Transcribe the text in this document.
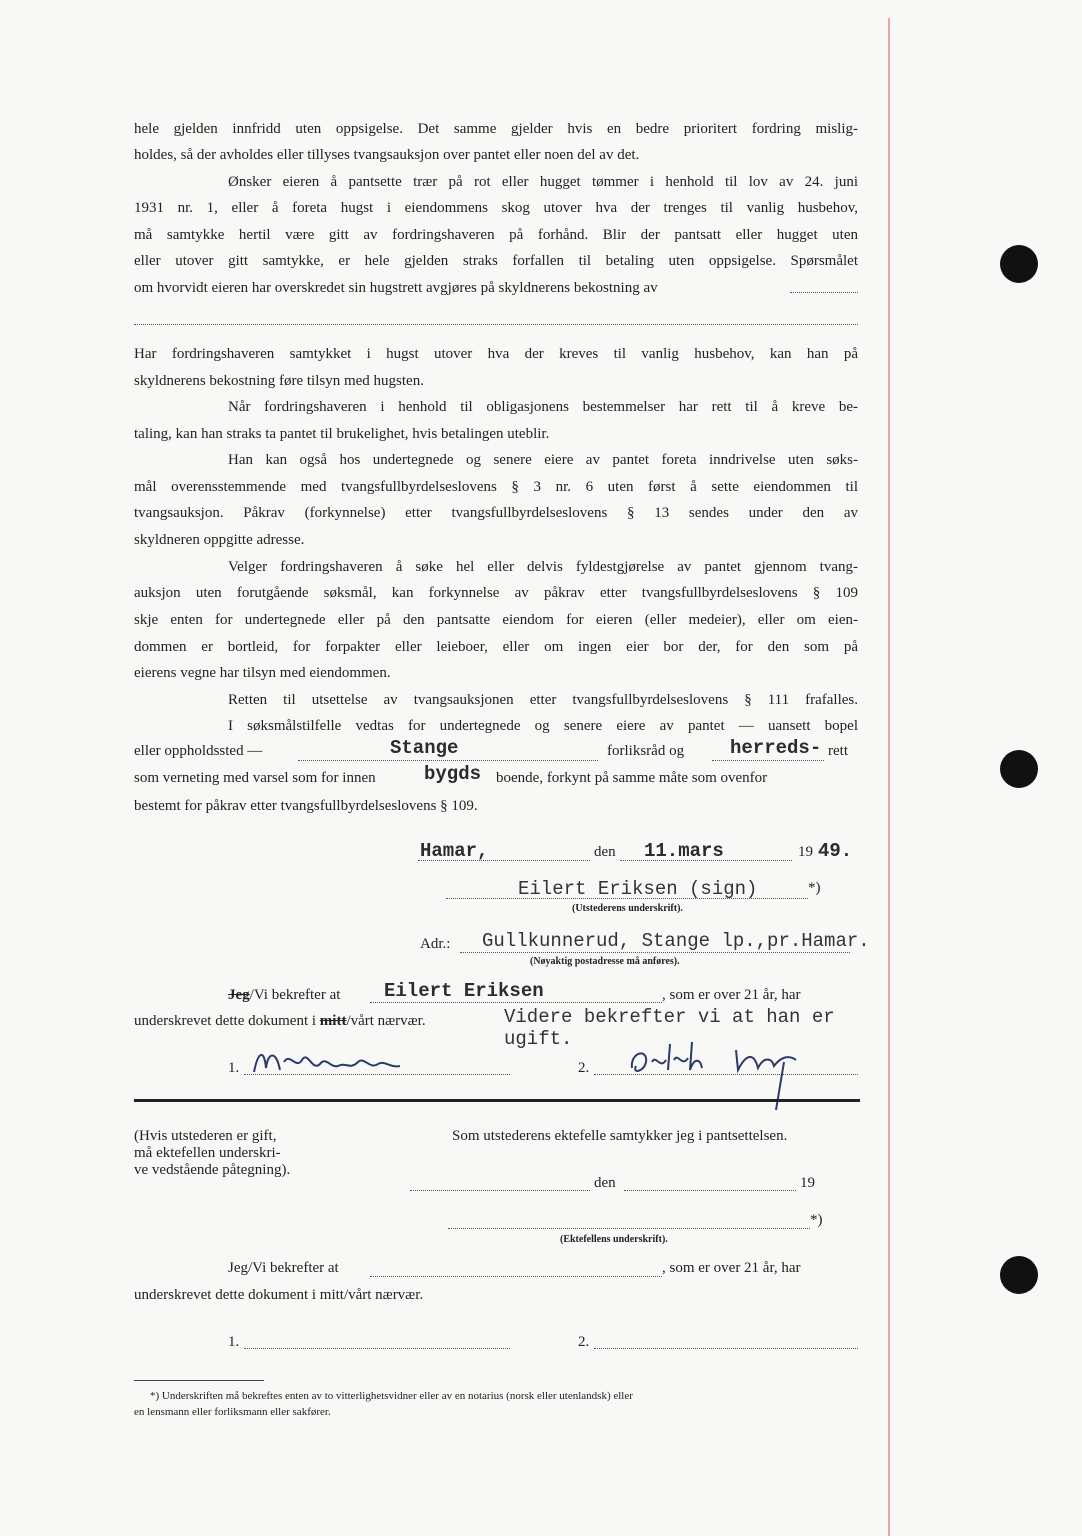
hele gjelden innfridd uten oppsigelse. Det samme gjelder hvis en bedre prioritert fordring mislig-
holdes, så der avholdes eller tillyses tvangsauksjon over pantet eller noen del av det.
Ønsker eieren å pantsette trær på rot eller hugget tømmer i henhold til lov av 24. juni
1931 nr. 1, eller å foreta hugst i eiendommens skog utover hva der trenges til vanlig husbehov,
må samtykke hertil være gitt av fordringshaveren på forhånd. Blir der pantsatt eller hugget uten
eller utover gitt samtykke, er hele gjelden straks forfallen til betaling uten oppsigelse. Spørsmålet
om hvorvidt eieren har overskredet sin hugstrett avgjøres på skyldnerens bekostning av
Har fordringshaveren samtykket i hugst utover hva der kreves til vanlig husbehov, kan han på
skyldnerens bekostning føre tilsyn med hugsten.
Når fordringshaveren i henhold til obligasjonens bestemmelser har rett til å kreve be-
taling, kan han straks ta pantet til brukelighet, hvis betalingen uteblir.
Han kan også hos undertegnede og senere eiere av pantet foreta inndrivelse uten søks-
mål overensstemmende med tvangsfullbyrdelseslovens § 3 nr. 6 uten først å sette eiendommen til
tvangsauksjon. Påkrav (forkynnelse) etter tvangsfullbyrdelseslovens § 13 sendes under den av
skyldneren oppgitte adresse.
Velger fordringshaveren å søke hel eller delvis fyldestgjørelse av pantet gjennom tvang-
auksjon uten forutgående søksmål, kan forkynnelse av påkrav etter tvangsfullbyrdelseslovens § 109
skje enten for undertegnede eller på den pantsatte eiendom for eieren (eller medeier), eller om eien-
dommen er bortleid, for forpakter eller leieboer, eller om ingen eier bor der, for den som på
eierens vegne har tilsyn med eiendommen.
Retten til utsettelse av tvangsauksjonen etter tvangsfullbyrdelseslovens § 111 frafalles.
I søksmålstilfelle vedtas for undertegnede og senere eiere av pantet — uansett bopel
eller oppholdssted —	Stange	forliksråd og herreds- rett
som verneting med varsel som for innen	bygds boende, forkynt på samme måte som ovenfor
bestemt for påkrav etter tvangsfullbyrdelseslovens § 109.
Hamar,	den 11.mars	19 49.
Eilert Eriksen (sign)	*)
(Utstederens underskrift).
Adr.: Gullkunnerud, Stange lp.,pr.Hamar.
(Nøyaktig postadresse må anføres).
Jeg/Vi bekrefter at Eilert Eriksen	, som er over 21 år, har
underskrevet dette dokument i mitt/vårt nærvær.	Videre bekrefter vi at han er
ugift.
1.	2.
(Hvis utstederen er gift,
må ektefellen underskri-
ve vedstående påtegning).
Som utstederens ektefelle samtykker jeg i pantsettelsen.
den	19
*)
(Ektefellens underskrift).
Jeg/Vi bekrefter at	, som er over 21 år, har
underskrevet dette dokument i mitt/vårt nærvær.
1.	2.
*) Underskriften må bekreftes enten av to vitterlighetsvidner eller av en notarius (norsk eller utenlandsk) eller
en lensmann eller forliksmann eller sakfører.
